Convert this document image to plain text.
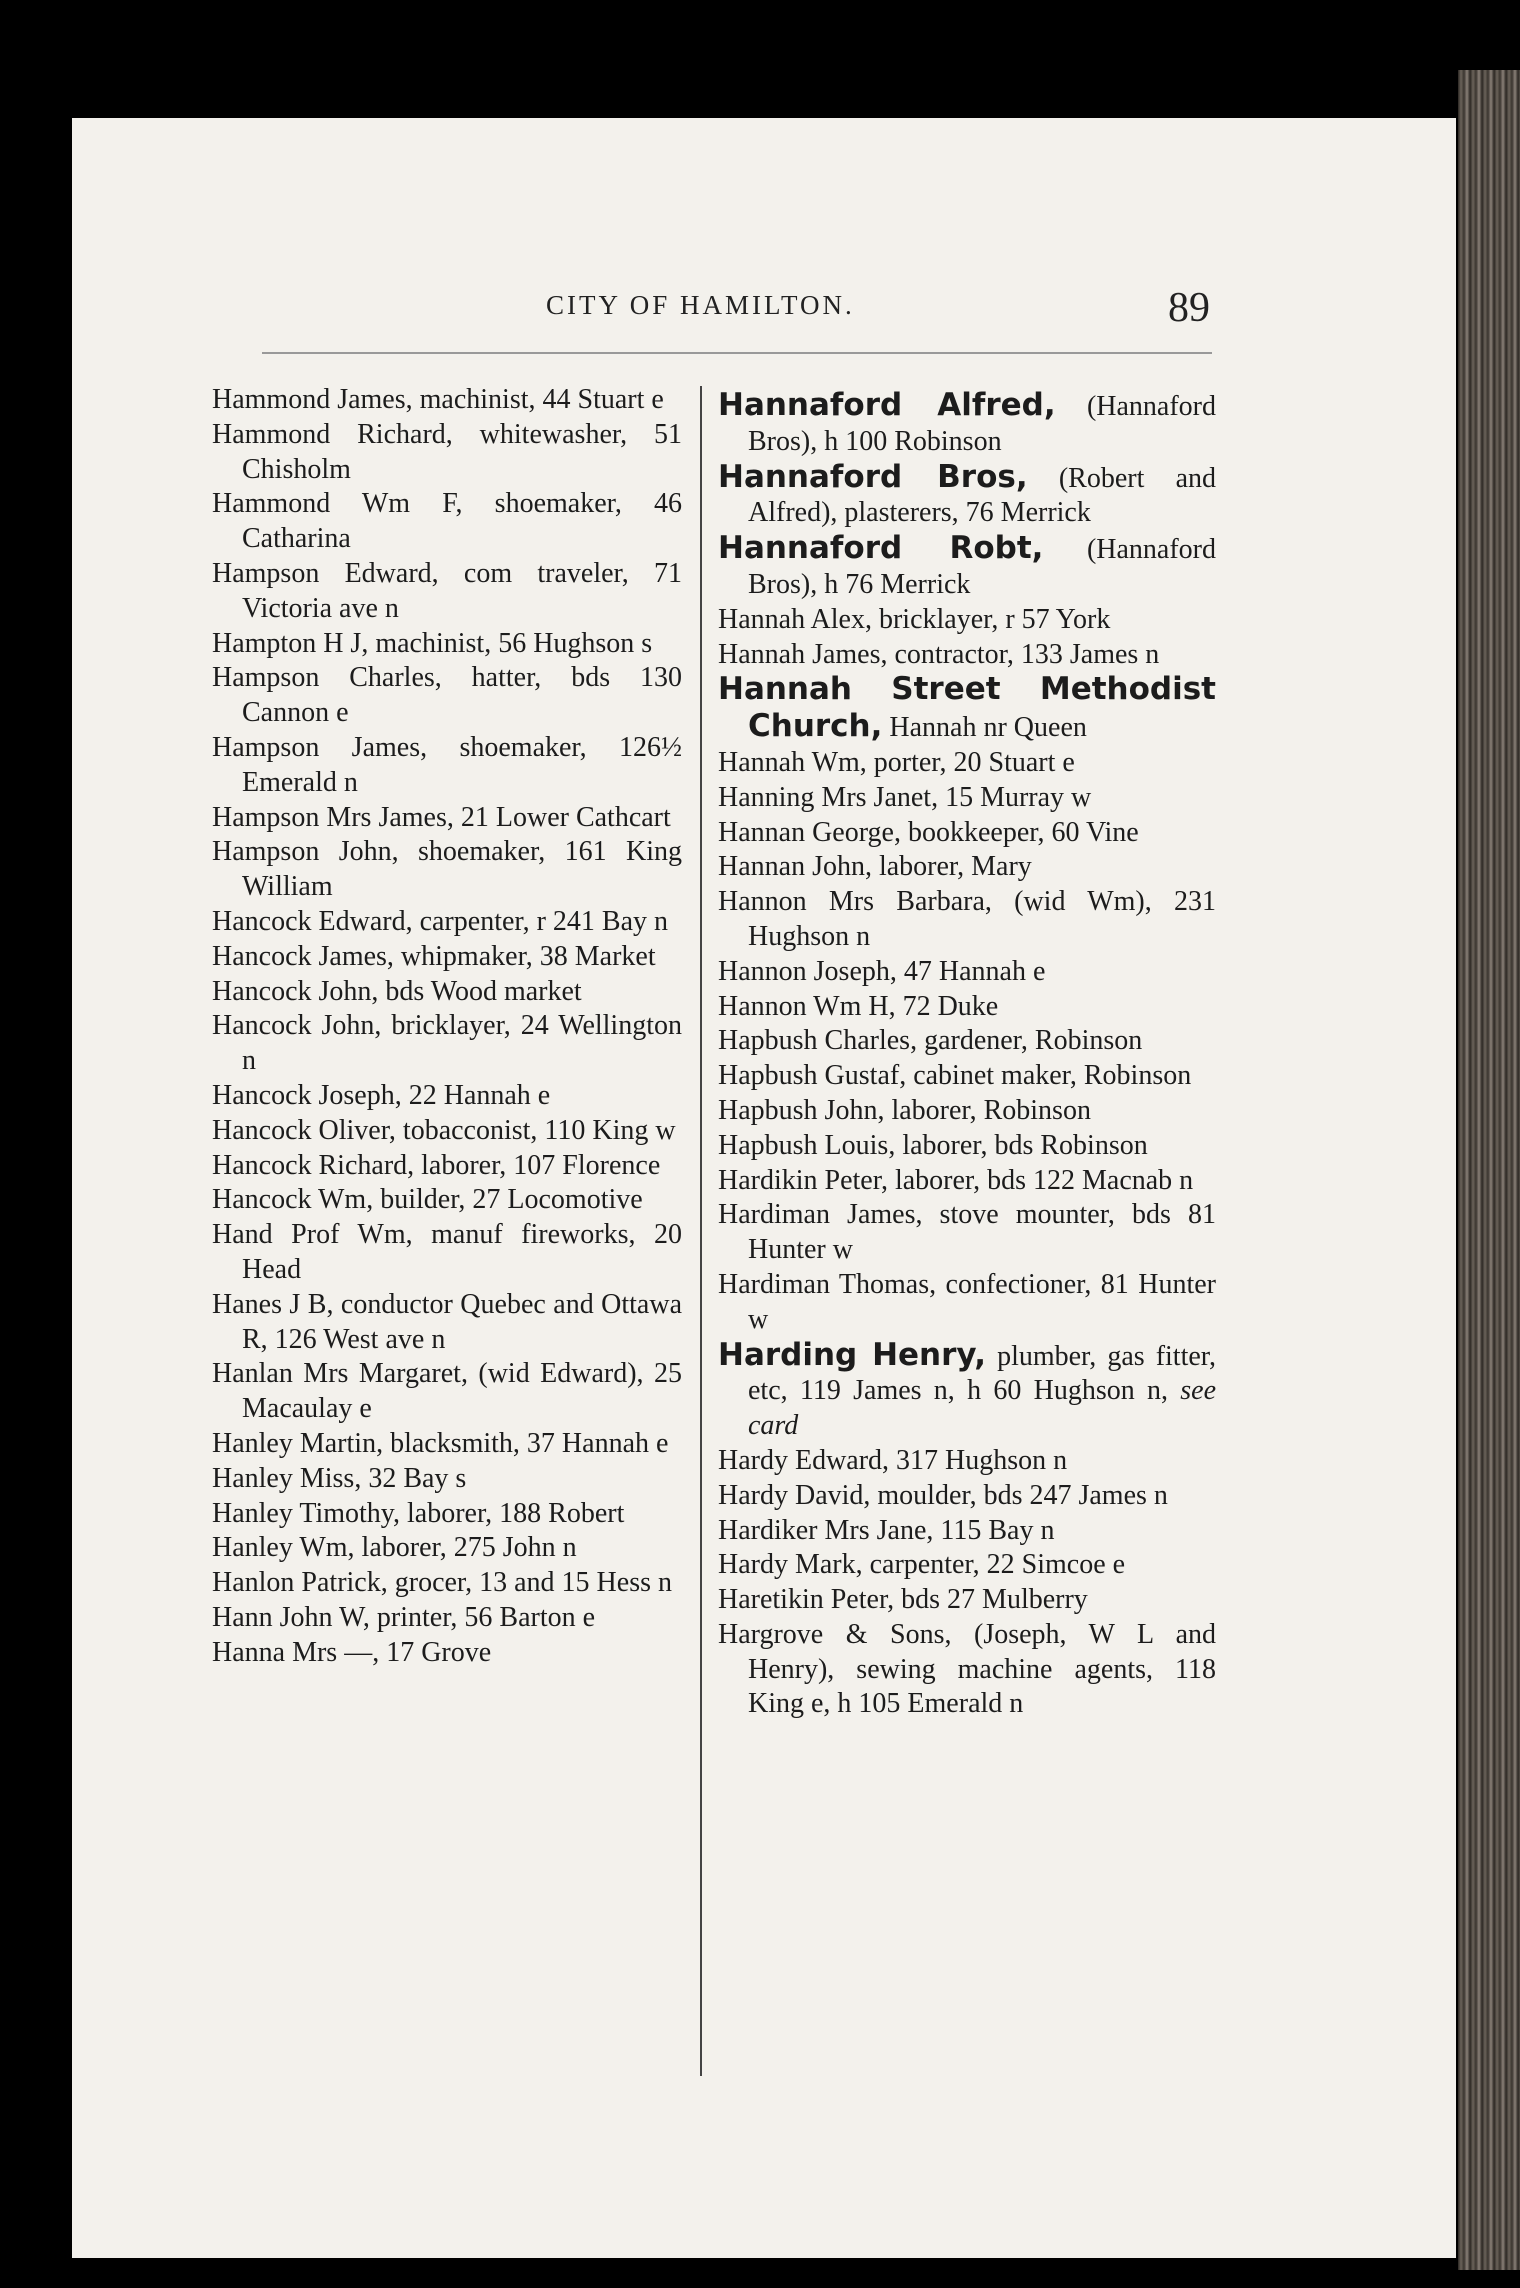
CITY OF HAMILTON.	89
Hammond James, machinist, 44 Stuart e
Hammond Richard, whitewasher, 51 Chisholm
Hammond Wm F, shoemaker, 46 Catharina
Hampson Edward, com traveler, 71 Victoria ave n
Hampton H J, machinist, 56 Hughson s
Hampson Charles, hatter, bds 130 Cannon e
Hampson James, shoemaker, 126½ Emerald n
Hampson Mrs James, 21 Lower Cathcart
Hampson John, shoemaker, 161 King William
Hancock Edward, carpenter, r 241 Bay n
Hancock James, whipmaker, 38 Market
Hancock John, bds Wood market
Hancock John, bricklayer, 24 Wellington n
Hancock Joseph, 22 Hannah e
Hancock Oliver, tobacconist, 110 King w
Hancock Richard, laborer, 107 Florence
Hancock Wm, builder, 27 Locomotive
Hand Prof Wm, manuf fireworks, 20 Head
Hanes J B, conductor Quebec and Ottawa R, 126 West ave n
Hanlan Mrs Margaret, (wid Edward), 25 Macaulay e
Hanley Martin, blacksmith, 37 Hannah e
Hanley Miss, 32 Bay s
Hanley Timothy, laborer, 188 Robert
Hanley Wm, laborer, 275 John n
Hanlon Patrick, grocer, 13 and 15 Hess n
Hann John W, printer, 56 Barton e
Hanna Mrs —, 17 Grove
Hannaford Alfred, (Hannaford Bros), h 100 Robinson
Hannaford Bros, (Robert and Alfred), plasterers, 76 Merrick
Hannaford Robt, (Hannaford Bros), h 76 Merrick
Hannah Alex, bricklayer, r 57 York
Hannah James, contractor, 133 James n
Hannah Street Methodist Church, Hannah nr Queen
Hannah Wm, porter, 20 Stuart e
Hanning Mrs Janet, 15 Murray w
Hannan George, bookkeeper, 60 Vine
Hannan John, laborer, Mary
Hannon Mrs Barbara, (wid Wm), 231 Hughson n
Hannon Joseph, 47 Hannah e
Hannon Wm H, 72 Duke
Hapbush Charles, gardener, Robinson
Hapbush Gustaf, cabinet maker, Robinson
Hapbush John, laborer, Robinson
Hapbush Louis, laborer, bds Robinson
Hardikin Peter, laborer, bds 122 Macnab n
Hardiman James, stove mounter, bds 81 Hunter w
Hardiman Thomas, confectioner, 81 Hunter w
Harding Henry, plumber, gas fitter, etc, 119 James n, h 60 Hughson n, see card
Hardy Edward, 317 Hughson n
Hardy David, moulder, bds 247 James n
Hardiker Mrs Jane, 115 Bay n
Hardy Mark, carpenter, 22 Simcoe e
Haretikin Peter, bds 27 Mulberry
Hargrove & Sons, (Joseph, W L and Henry), sewing machine agents, 118 King e, h 105 Emerald n
